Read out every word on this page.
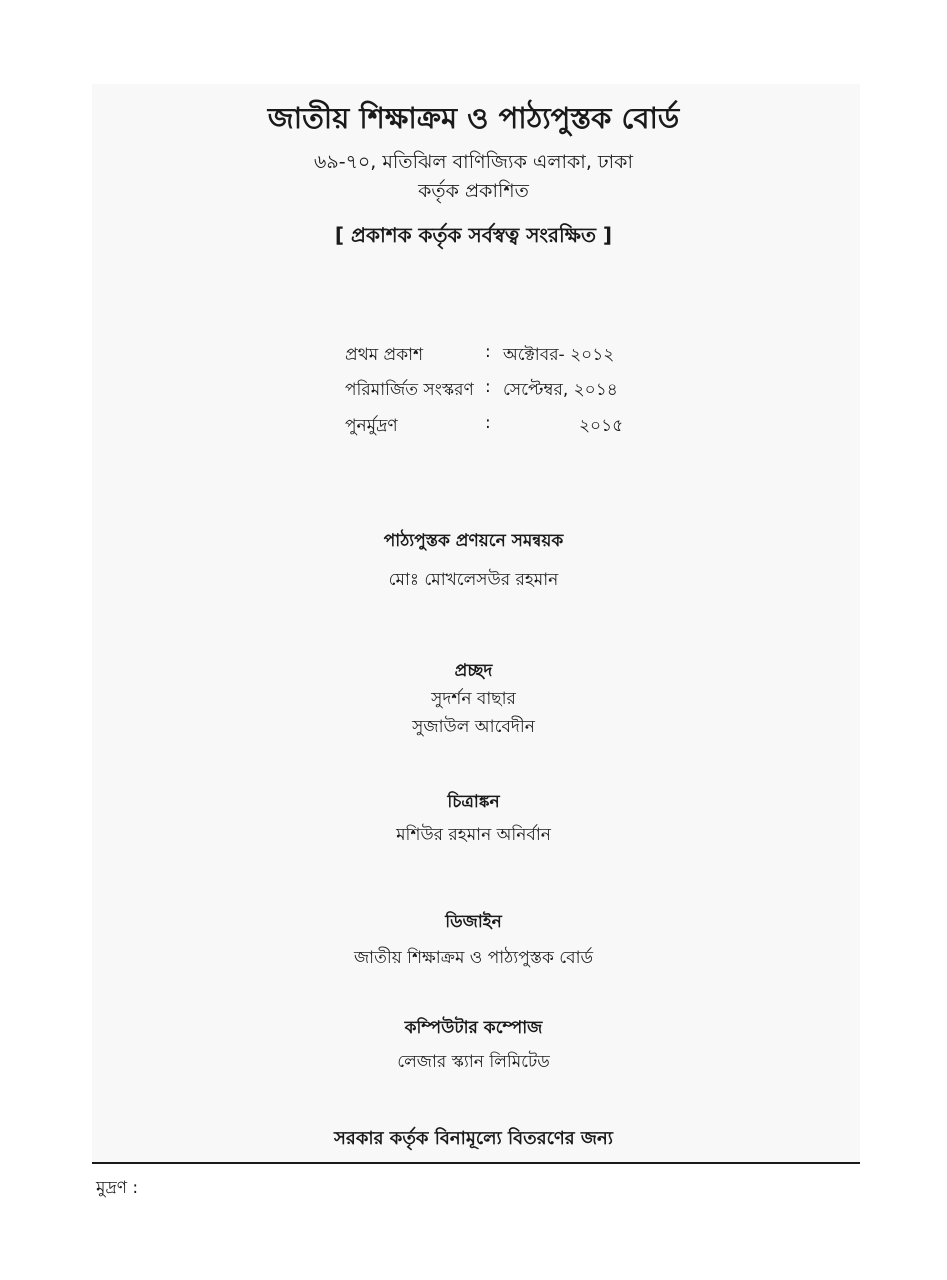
জাতীয় শিক্ষাক্রম ও পাঠ্যপুস্তক বোর্ড
৬৯-৭০, মতিঝিল বাণিজ্যিক এলাকা, ঢাকা
কর্তৃক প্রকাশিত
[ প্রকাশক কর্তৃক সর্বস্বত্ব সংরক্ষিত ]
প্রথম প্রকাশ	: অক্টোবর- ২০১২
পরিমার্জিত সংস্করণ : সেপ্টেম্বর, ২০১৪
পুনর্মুদ্রণ	:	২০১৫
পাঠ্যপুস্তক প্রণয়নে সমন্বয়ক
মোঃ মোখলেসউর রহমান
প্রচ্ছদ
সুদর্শন বাছার
সুজাউল আবেদীন
চিত্রাঙ্কন
মশিউর রহমান অনির্বান
ডিজাইন
জাতীয় শিক্ষাক্রম ও পাঠ্যপুস্তক বোর্ড
কম্পিউটার কম্পোজ
লেজার স্ক্যান লিমিটেড
সরকার কর্তৃক বিনামূল্যে বিতরণের জন্য
মুদ্রণ :
